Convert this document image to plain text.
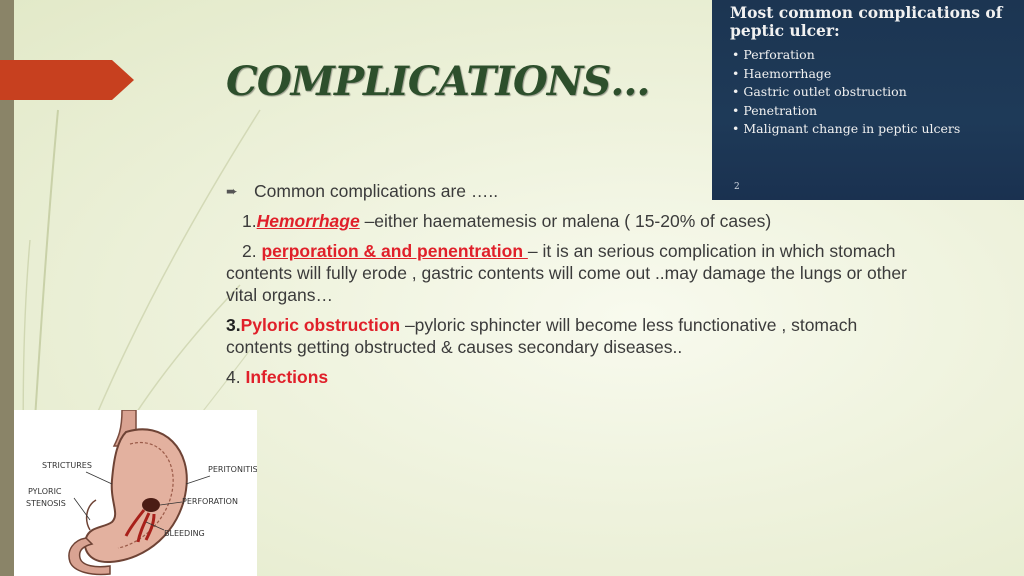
COMPLICATIONS…
➨ Common complications are …..
1.Hemorrhage –either haematemesis or malena ( 15-20% of cases)
2. perporation & and penentration – it is an serious complication in which stomach contents will fully erode , gastric contents will come out ..may damage the lungs or other vital organs…
3.Pyloric obstruction –pyloric sphincter will become less functionative , stomach contents getting obstructed & causes secondary diseases..
4. Infections
Most common complications of peptic ulcer:
• Perforation
• Haemorrhage
• Gastric outlet obstruction
• Penetration
• Malignant change in peptic ulcers
2
STRICTURES
PYLORIC
STENOSIS
PERITONITIS
PERFORATION
BLEEDING
